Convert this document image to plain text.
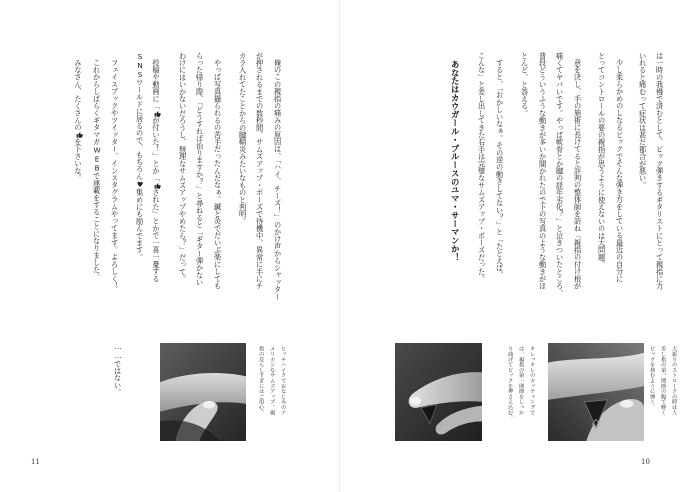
俺のこの親指の痛みの原因は、「ハイ、チーズ！」のかけ声からシャッター
が押されるまでの数秒間、サムズアップ・ポーズで待機中、異常に手にチ
カラ入れてたことからの腱鞘炎みたいなものと判明。
やっぱ写真撮られるの苦手だったんだなぁ。鍼と灸でだいぶ楽にしても
らった帰り際、「どうすれば治りますか？」と尋ねると「ギター弾かない
わけにはいかないだろうし、無理なサムズアップやめたら？」だって。
投稿や動画に「が付いた！」とか「された」とかで一喜一憂する
SNSワールドに居るので、もちろん♥集めにも励んでます。
フェイスブックやツイッター、インスタグラムやってます。よろしく！
これからしばらくギタマガWEBで連載をすることになりました。
みなさん、たくさんのを下さいな。
……ではない。	ヒッチハイクでおなじみのア
メリカンなサムズアップ。親
指の反らしすぎにはご用心。
11
は一時の我慢で済むとして、ピック弾きするギタリストにとって親指に力
いれると痛むって症状は甚だ都合が悪い。
少し柔らかめのしなるピックでそんな弾き方をしている最近の自分に
とってコントロールの要の親指が思うように使えないのは大問題。
意を決し、手の施術に長けてると評判の整体師を訪ね「親指の付け根が
痛くてヤバいです。やっぱ軟骨とか腱の経年劣化？」と泣きついたところ、
普段どういうふうな動きが多いか聞かれたので下の写真のような動きがほ
とんど、と答える。
すると、「おかしいなぁ。その逆の動きしてない？」と「たとえば、
こんな」と差し出してきた右手は完璧なサムズアップ・ポーズだった。
あなたはカウガール・ブルースのユマ・サーマンか！
キレッキレのカッティングで
は、親指の第一関節をしっか
り曲げてピックを押さえ込む。	大振りのストロークの時は人
差し指の第一関節の腹で軽く
ピックを挟むように弾く。
10
